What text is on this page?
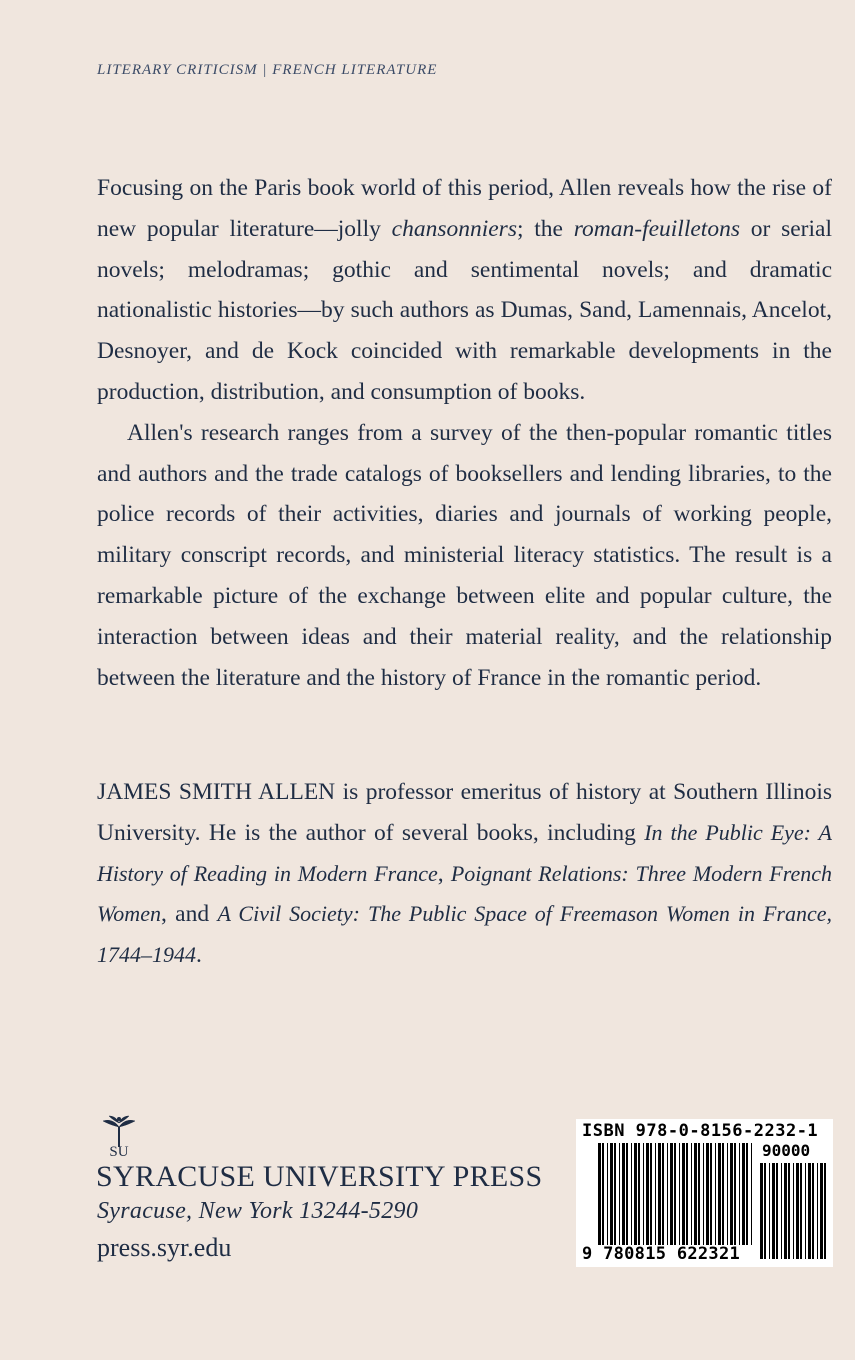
LITERARY CRITICISM | FRENCH LITERATURE

Focusing on the Paris book world of this period, Allen reveals how the rise of new popular literature—jolly chansonniers; the roman-feuilletons or serial novels; melodramas; gothic and sentimental novels; and dramatic nationalistic histories—by such authors as Dumas, Sand, Lamennais, Ancelot, Desnoyer, and de Kock coincided with remarkable developments in the production, distribution, and consumption of books.

Allen's research ranges from a survey of the then-popular romantic titles and authors and the trade catalogs of booksellers and lending libraries, to the police records of their activities, diaries and journals of working people, military conscript records, and ministerial literacy statistics. The result is a remarkable picture of the exchange between elite and popular culture, the interaction between ideas and their material reality, and the relationship between the literature and the history of France in the romantic period.

JAMES SMITH ALLEN is professor emeritus of history at Southern Illinois University. He is the author of several books, including In the Public Eye: A History of Reading in Modern France, Poignant Relations: Three Modern French Women, and A Civil Society: The Public Space of Freemason Women in France, 1744–1944.

SU
SYRACUSE UNIVERSITY PRESS
Syracuse, New York 13244-5290
press.syr.edu
ISBN 978-0-8156-2232-1
90000
9 780815 622321
